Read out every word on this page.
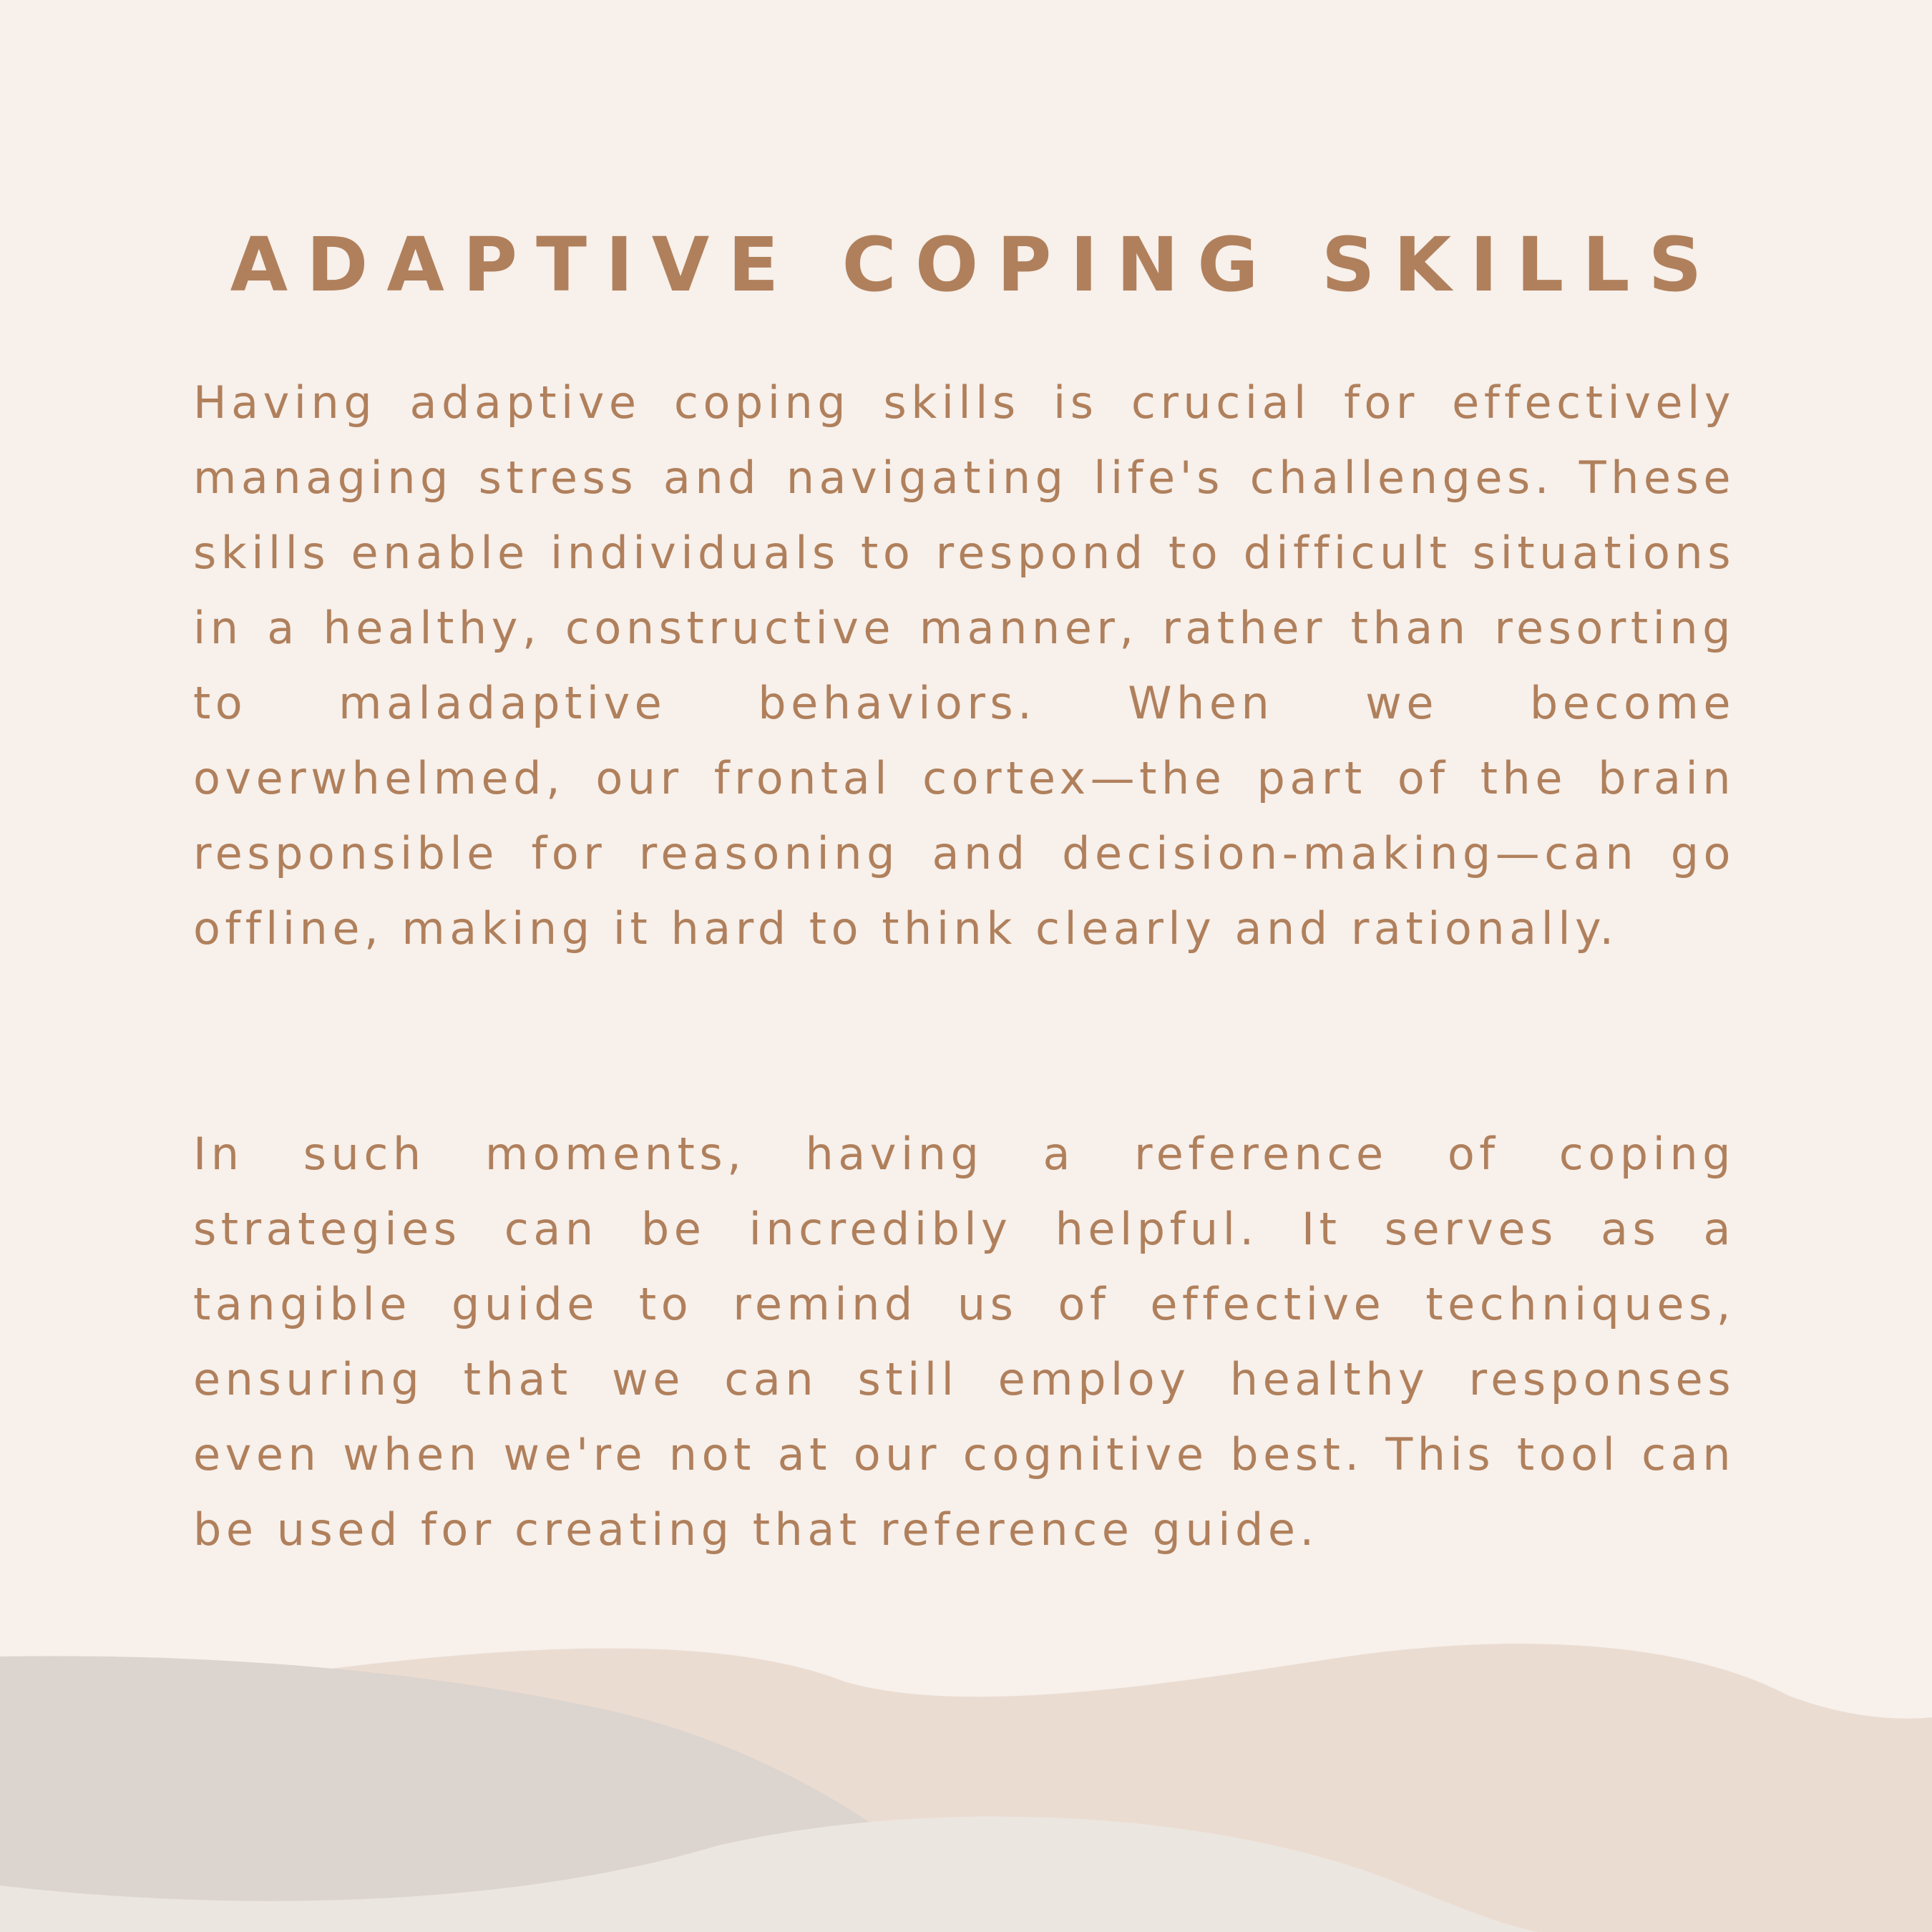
ADAPTIVE COPING SKILLS

Having adaptive coping skills is crucial for effectively managing stress and navigating life's challenges. These skills enable individuals to respond to difficult situations in a healthy, constructive manner, rather than resorting to maladaptive behaviors. When we become overwhelmed, our frontal cortex—the part of the brain responsible for reasoning and decision-making—can go offline, making it hard to think clearly and rationally.

In such moments, having a reference of coping strategies can be incredibly helpful. It serves as a tangible guide to remind us of effective techniques, ensuring that we can still employ healthy responses even when we're not at our cognitive best. This tool can be used for creating that reference guide.
